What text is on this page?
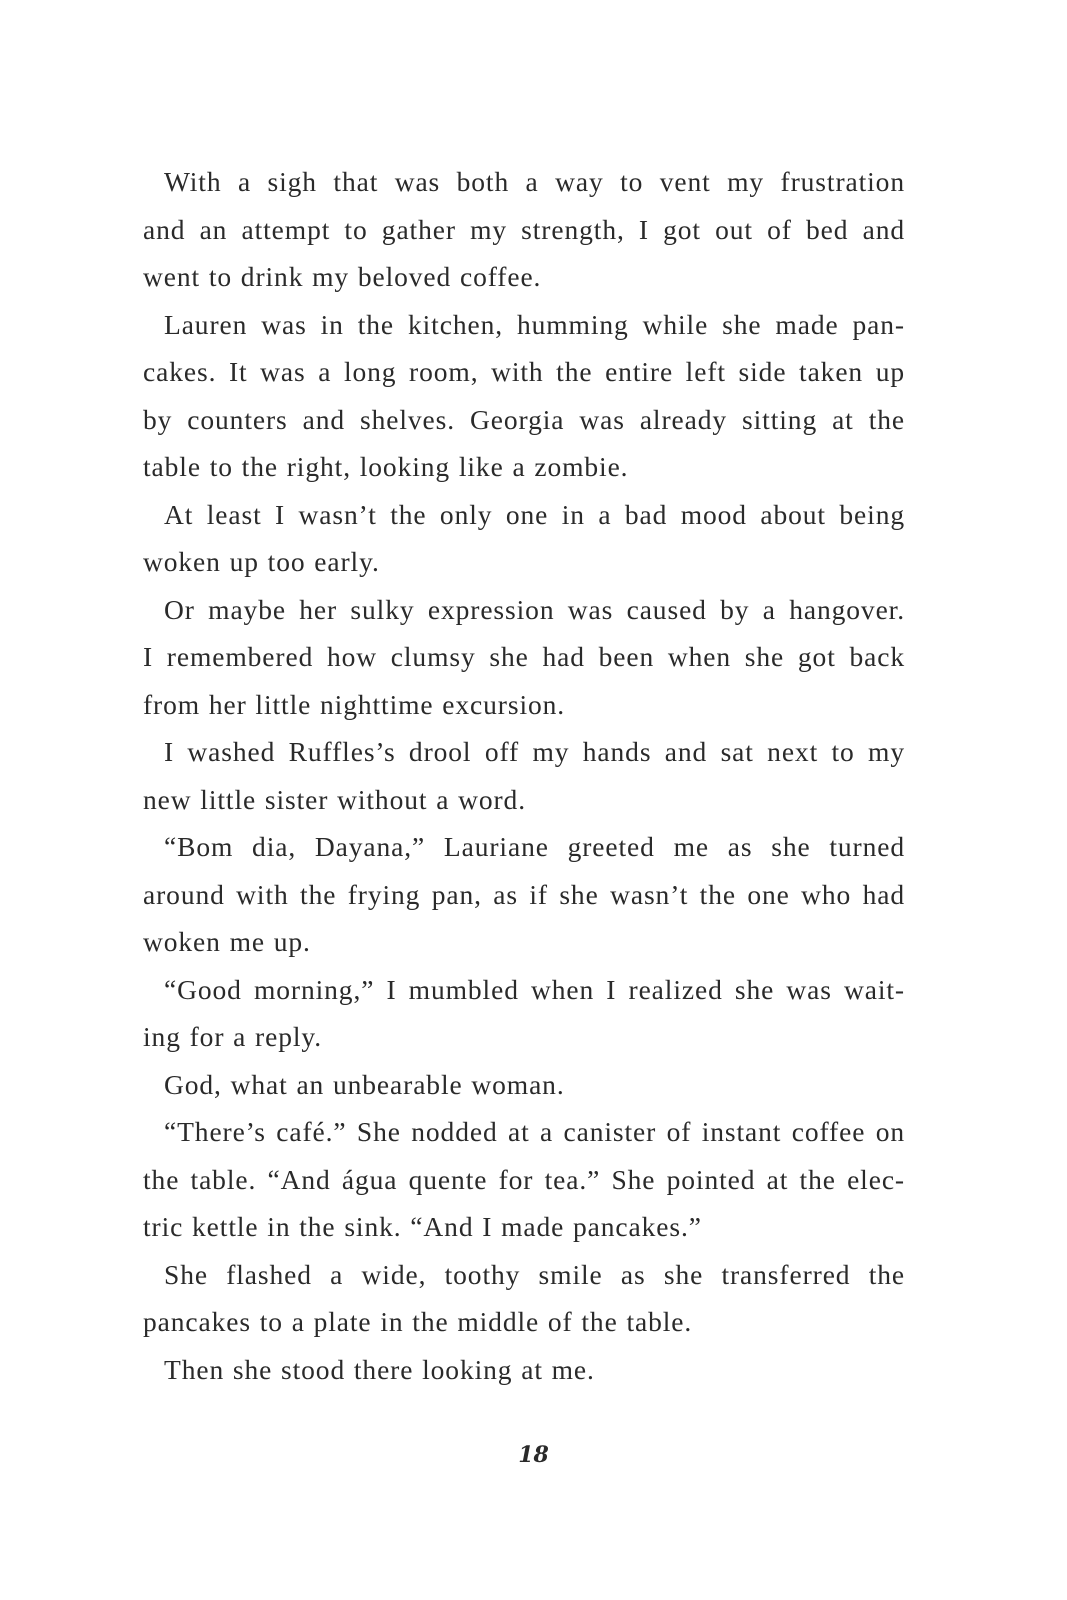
With a sigh that was both a way to vent my frustration
and an attempt to gather my strength, I got out of bed and
went to drink my beloved coffee.
Lauren was in the kitchen, humming while she made pan-
cakes. It was a long room, with the entire left side taken up
by counters and shelves. Georgia was already sitting at the
table to the right, looking like a zombie.
At least I wasn’t the only one in a bad mood about being
woken up too early.
Or maybe her sulky expression was caused by a hangover.
I remembered how clumsy she had been when she got back
from her little nighttime excursion.
I washed Ruffles’s drool off my hands and sat next to my
new little sister without a word.
“Bom dia, Dayana,” Lauriane greeted me as she turned
around with the frying pan, as if she wasn’t the one who had
woken me up.
“Good morning,” I mumbled when I realized she was wait-
ing for a reply.
God, what an unbearable woman.
“There’s café.” She nodded at a canister of instant coffee on
the table. “And água quente for tea.” She pointed at the elec-
tric kettle in the sink. “And I made pancakes.”
She flashed a wide, toothy smile as she transferred the
pancakes to a plate in the middle of the table.
Then she stood there looking at me.
18
